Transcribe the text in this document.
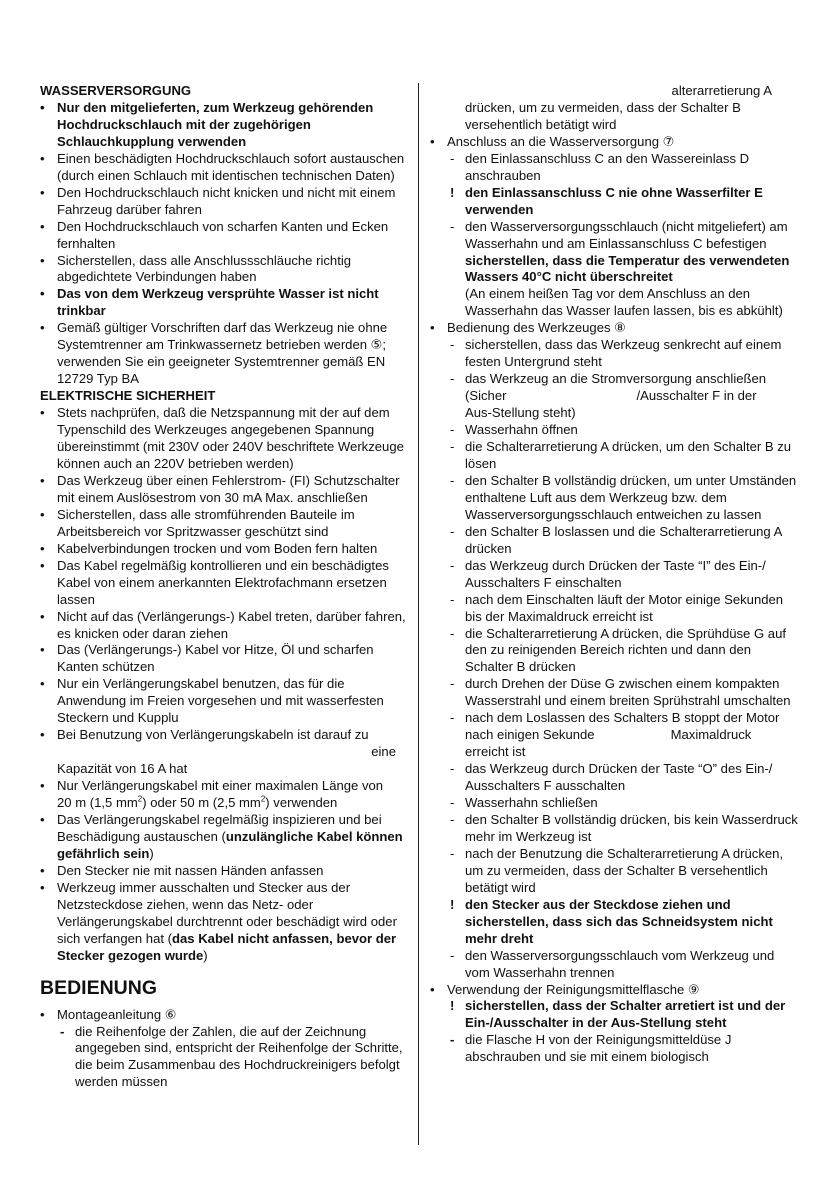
WASSERVERSORGUNG

• Nur den mitgelieferten, zum Werkzeug gehörenden Hochdruckschlauch mit der zugehörigen Schlauchkupplung verwenden

• Einen beschädigten Hochdruckschlauch sofort austauschen (durch einen Schlauch mit identischen technischen Daten)

• Den Hochdruckschlauch nicht knicken und nicht mit einem Fahrzeug darüber fahren

• Den Hochdruckschlauch von scharfen Kanten und Ecken fernhalten

• Sicherstellen, dass alle Anschlussschläuche richtig abgedichtete Verbindungen haben

• Das von dem Werkzeug versprühte Wasser ist nicht trinkbar

• Gemäß gültiger Vorschriften darf das Werkzeug nie ohne Systemtrenner am Trinkwassernetz betrieben werden ⑤; verwenden Sie ein geeigneter Systemtrenner gemäß EN 12729 Typ BA

ELEKTRISCHE SICHERHEIT

• Stets nachprüfen, daß die Netzspannung mit der auf dem Typenschild des Werkzeuges angegebenen Spannung übereinstimmt (mit 230V oder 240V beschriftete Werkzeuge können auch an 220V betrieben werden)

• Das Werkzeug über einen Fehlerstrom- (FI) Schutzschalter mit einem Auslösestrom von 30 mA Max. anschließen

• Sicherstellen, dass alle stromführenden Bauteile im Arbeitsbereich vor Spritzwasser geschützt sind

• Kabelverbindungen trocken und vom Boden fern halten

• Das Kabel regelmäßig kontrollieren und ein beschädigtes Kabel von einem anerkannten Elektrofachmann ersetzen lassen

• Nicht auf das (Verlängerungs-) Kabel treten, darüber fahren, es knicken oder daran ziehen

• Das (Verlängerungs-) Kabel vor Hitze, Öl und scharfen Kanten schützen

• Nur ein Verlängerungskabel benutzen, das für die Anwendung im Freien vorgesehen und mit wasserfesten Steckern und Kupplu

• Bei Benutzung von Verlängerungskabeln ist darauf zu

eine

Kapazität von 16 A hat

• Nur Verlängerungskabel mit einer maximalen Länge von
20 m (1,5 $mm^2$) oder 50 m (2,5 $mm^2$) verwenden

• Das Verlängerungskabel regelmäßig inspizieren und bei Beschädigung austauschen (unzulängliche Kabel können gefährlich sein)

• Den Stecker nie mit nassen Händen anfassen

• Werkzeug immer ausschalten und Stecker aus der Netzsteckdose ziehen, wenn das Netz- oder Verlängerungskabel durchtrennt oder beschädigt wird oder sich verfangen hat (das Kabel nicht anfassen, bevor der Stecker gezogen wurde)

BEDIENUNG

• Montageanleitung ⑥

- - die Reihenfolge der Zahlen, die auf der Zeichnung angegeben sind, entspricht der Reihenfolge der Schritte, die beim Zusammenbau des Hochdruckreinigers befolgt werden müssen

alterarretierung A

drücken, um zu vermeiden, dass der Schalter B versehentlich betätigt wird

• Anschluss an die Wasserversorgung ⑦

- den Einlassanschluss C an den Wassereinlass D anschrauben

! den Einlassanschluss C nie ohne Wasserfilter E verwenden

- den Wasserversorgungsschlauch (nicht mitgeliefert) am Wasserhahn und am Einlassanschluss C befestigen

sicherstellen, dass die Temperatur des verwendeten Wassers 40°C nicht überschreitet

(An einem heißen Tag vor dem Anschluss an den Wasserhahn das Wasser laufen lassen, bis es abkühlt)

• Bedienung des Werkzeuges ⑧

- sicherstellen, dass das Werkzeug senkrecht auf einem festen Untergrund steht

- das Werkzeug an die Stromversorgung anschließen
(Sicher	/Ausschalter F in der
Aus-Stellung steht)

- Wasserhahn öffnen

- die Schalterarretierung A drücken, um den Schalter B zu lösen

- den Schalter B vollständig drücken, um unter Umständen enthaltene Luft aus dem Werkzeug bzw. dem Wasserversorgungsschlauch entweichen zu lassen

- den Schalter B loslassen und die Schalterarretierung A drücken

- das Werkzeug durch Drücken der Taste “I” des Ein-/ Ausschalters F einschalten

- nach dem Einschalten läuft der Motor einige Sekunden bis der Maximaldruck erreicht ist

- die Schalterarretierung A drücken, die Sprühdüse G auf den zu reinigenden Bereich richten und dann den Schalter B drücken

- durch Drehen der Düse G zwischen einem kompakten Wasserstrahl und einem breiten Sprühstrahl umschalten

- nach dem Loslassen des Schalters B stoppt der Motor
nach einigen Sekunde	Maximaldruck
erreicht ist

- das Werkzeug durch Drücken der Taste “O” des Ein-/ Ausschalters F ausschalten

- Wasserhahn schließen

- den Schalter B vollständig drücken, bis kein Wasserdruck mehr im Werkzeug ist

- nach der Benutzung die Schalterarretierung A drücken, um zu vermeiden, dass der Schalter B versehentlich betätigt wird

! den Stecker aus der Steckdose ziehen und sicherstellen, dass sich das Schneidsystem nicht mehr dreht

- den Wasserversorgungsschlauch vom Werkzeug und vom Wasserhahn trennen

• Verwendung der Reinigungsmittelflasche ⑨

! sicherstellen, dass der Schalter arretiert ist und der Ein-/Ausschalter in der Aus-Stellung steht

- - die Flasche H von der Reinigungsmitteldüse J abschrauben und sie mit einem biologisch
